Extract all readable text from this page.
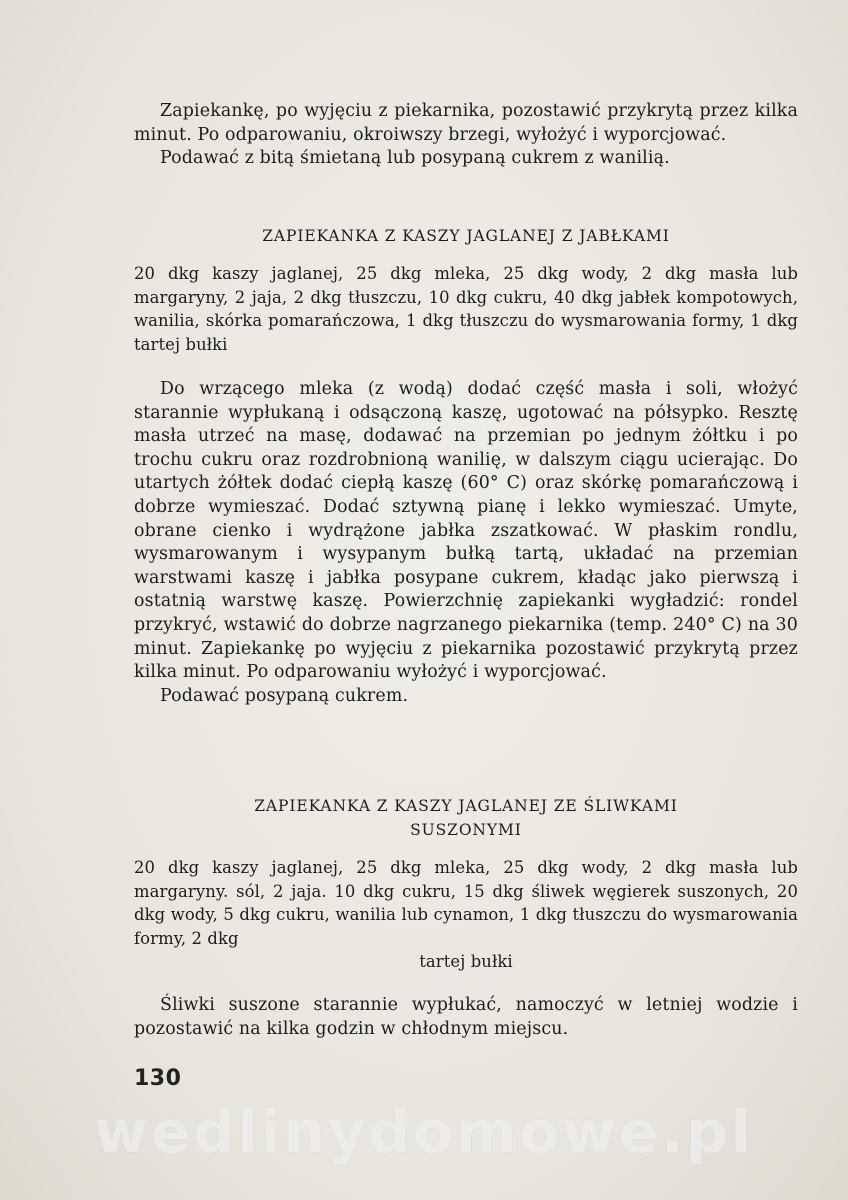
Zapiekankę, po wyjęciu z piekarnika, pozostawić przykrytą przez kilka minut. Po odparowaniu, okroiwszy brzegi, wyłożyć i wyporcjować.

Podawać z bitą śmietaną lub posypaną cukrem z wanilią.

ZAPIEKANKA Z KASZY JAGLANEJ Z JABŁKAMI

20 dkg kaszy jaglanej, 25 dkg mleka, 25 dkg wody, 2 dkg masła lub margaryny, 2 jaja, 2 dkg tłuszczu, 10 dkg cukru, 40 dkg jabłek kompotowych, wanilia, skórka pomarańczowa, 1 dkg tłuszczu do wysmarowania formy, 1 dkg tartej bułki

Do wrzącego mleka (z wodą) dodać część masła i soli, włożyć starannie wypłukaną i odsączoną kaszę, ugotować na półsypko. Resztę masła utrzeć na masę, dodawać na przemian po jednym żółtku i po trochu cukru oraz rozdrobnioną wanilię, w dalszym ciągu ucierając. Do utartych żółtek dodać ciepłą kaszę (60° C) oraz skórkę pomarańczową i dobrze wymieszać. Dodać sztywną pianę i lekko wymieszać. Umyte, obrane cienko i wydrążone jabłka zszatkować. W płaskim rondlu, wysmarowanym i wysypanym bułką tartą, układać na przemian warstwami kaszę i jabłka posypane cukrem, kładąc jako pierwszą i ostatnią warstwę kaszę. Powierzchnię zapiekanki wygładzić: rondel przykryć, wstawić do dobrze nagrzanego piekarnika (temp. 240° C) na 30 minut. Zapiekankę po wyjęciu z piekarnika pozostawić przykrytą przez kilka minut. Po odparowaniu wyłożyć i wyporcjować.

Podawać posypaną cukrem.

ZAPIEKANKA Z KASZY JAGLANEJ ZE ŚLIWKAMI
SUSZONYMI

20 dkg kaszy jaglanej, 25 dkg mleka, 25 dkg wody, 2 dkg masła lub margaryny. sól, 2 jaja. 10 dkg cukru, 15 dkg śliwek węgierek suszonych, 20 dkg wody, 5 dkg cukru, wanilia lub cynamon, 1 dkg tłuszczu do wysmarowania formy, 2 dkg

tartej bułki

Śliwki suszone starannie wypłukać, namoczyć w letniej wodzie i pozostawić na kilka godzin w chłodnym miejscu.

130
wedlinydomowe.pl
